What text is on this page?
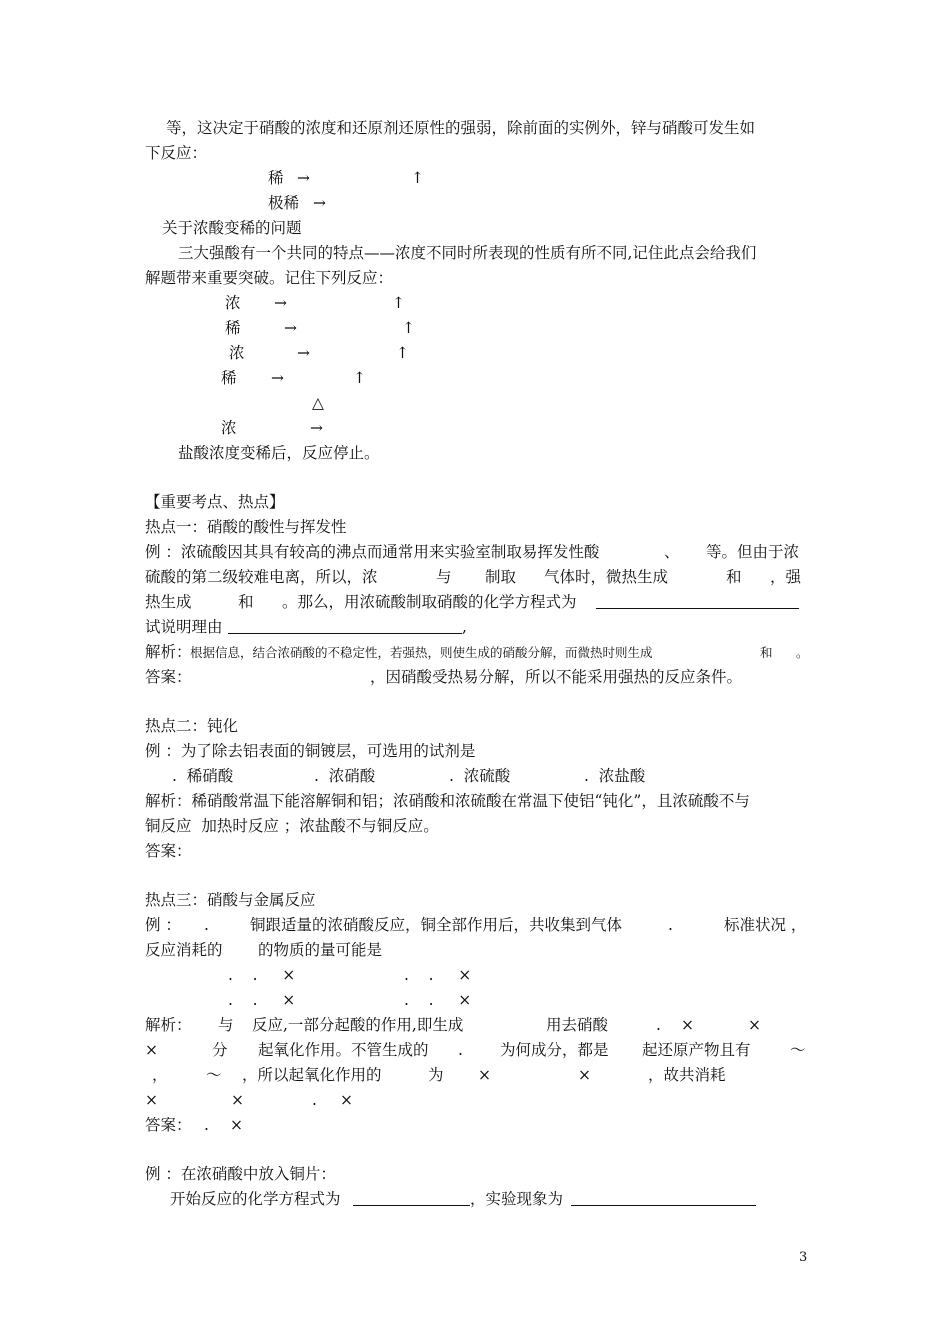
等，这决定于硝酸的浓度和还原剂还原性的强弱，除前面的实例外，锌与硝酸可发生如
下反应：
稀 →	↑
极稀 →
关于浓酸变稀的问题
三大强酸有一个共同的特点——浓度不同时所表现的性质有所不同,记住此点会给我们
解题带来重要突破。记住下列反应：
浓 →	↑
稀	→	↑
浓	→	↑
稀 →	↑
△
浓	→
盐酸浓度变稀后，反应停止。
【重要考点、热点】
热点一：硝酸的酸性与挥发性
例 ：浓硫酸因其具有较高的沸点而通常用来实验室制取易挥发性酸	、 等。但由于浓
硫酸的第二级较难电离，所以，浓	与 制取 气体时，微热生成	和 ，强
热生成	和 。那么，用浓硫酸制取硝酸的化学方程式为
试说明理由	,
解析：
根据信息，结合浓硝酸的不稳定性，若强热，则使生成的硝酸分解，而微热时则生成	和 。
答案：	，因硝酸受热易分解，所以不能采用强热的反应条件。
热点二：钝化
例 ：为了除去铝表面的铜镀层，可选用的试剂是
.  稀硝酸	.  浓硝酸	.  浓硫酸	.  浓盐酸
解析：稀硝酸常温下能溶解铜和铝；浓硝酸和浓硫酸在常温下使铝“钝化”，且浓硫酸不与
铜反应  加热时反应 ；浓盐酸不与铜反应。
答案：
热点三：硝酸与金属反应
例 ： .	铜跟适量的浓硝酸反应，铜全部作用后，共收集到气体	.	标准状况 ，
反应消耗的 的物质的量可能是
.    .     ×	.    .     ×
.    .     ×	.    .     ×
解析： 与 反应,一部分起酸的作用,即生成	用去硝酸	. ×	×
×	分 起氧化作用。不管生成的 . 为何成分，都是 起还原产物且有	～
， ～ ，所以起氧化作用的	为 ×	×	，故共消耗
×	×	. ×
答案： . ×
例 ：在浓硝酸中放入铜片：
开始反应的化学方程式为	，实验现象为
3
